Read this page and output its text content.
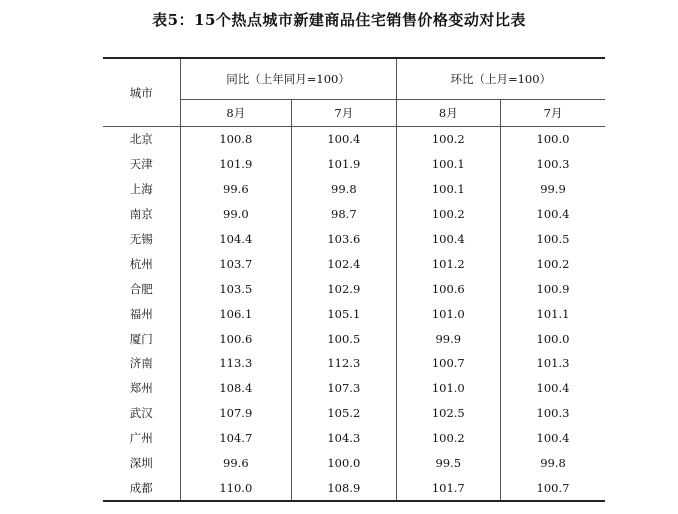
表5：15个热点城市新建商品住宅销售价格变动对比表
城市	同比（上年同月=100）		环比（上月=100）	
	8月	7月	8月	7月
北京	100.8	100.4	100.2	100.0
天津	101.9	101.9	100.1	100.3
上海	99.6	99.8	100.1	99.9
南京	99.0	98.7	100.2	100.4
无锡	104.4	103.6	100.4	100.5
杭州	103.7	102.4	101.2	100.2
合肥	103.5	102.9	100.6	100.9
福州	106.1	105.1	101.0	101.1
厦门	100.6	100.5	99.9	100.0
济南	113.3	112.3	100.7	101.3
郑州	108.4	107.3	101.0	100.4
武汉	107.9	105.2	102.5	100.3
广州	104.7	104.3	100.2	100.4
深圳	99.6	100.0	99.5	99.8
成都	110.0	108.9	101.7	100.7
